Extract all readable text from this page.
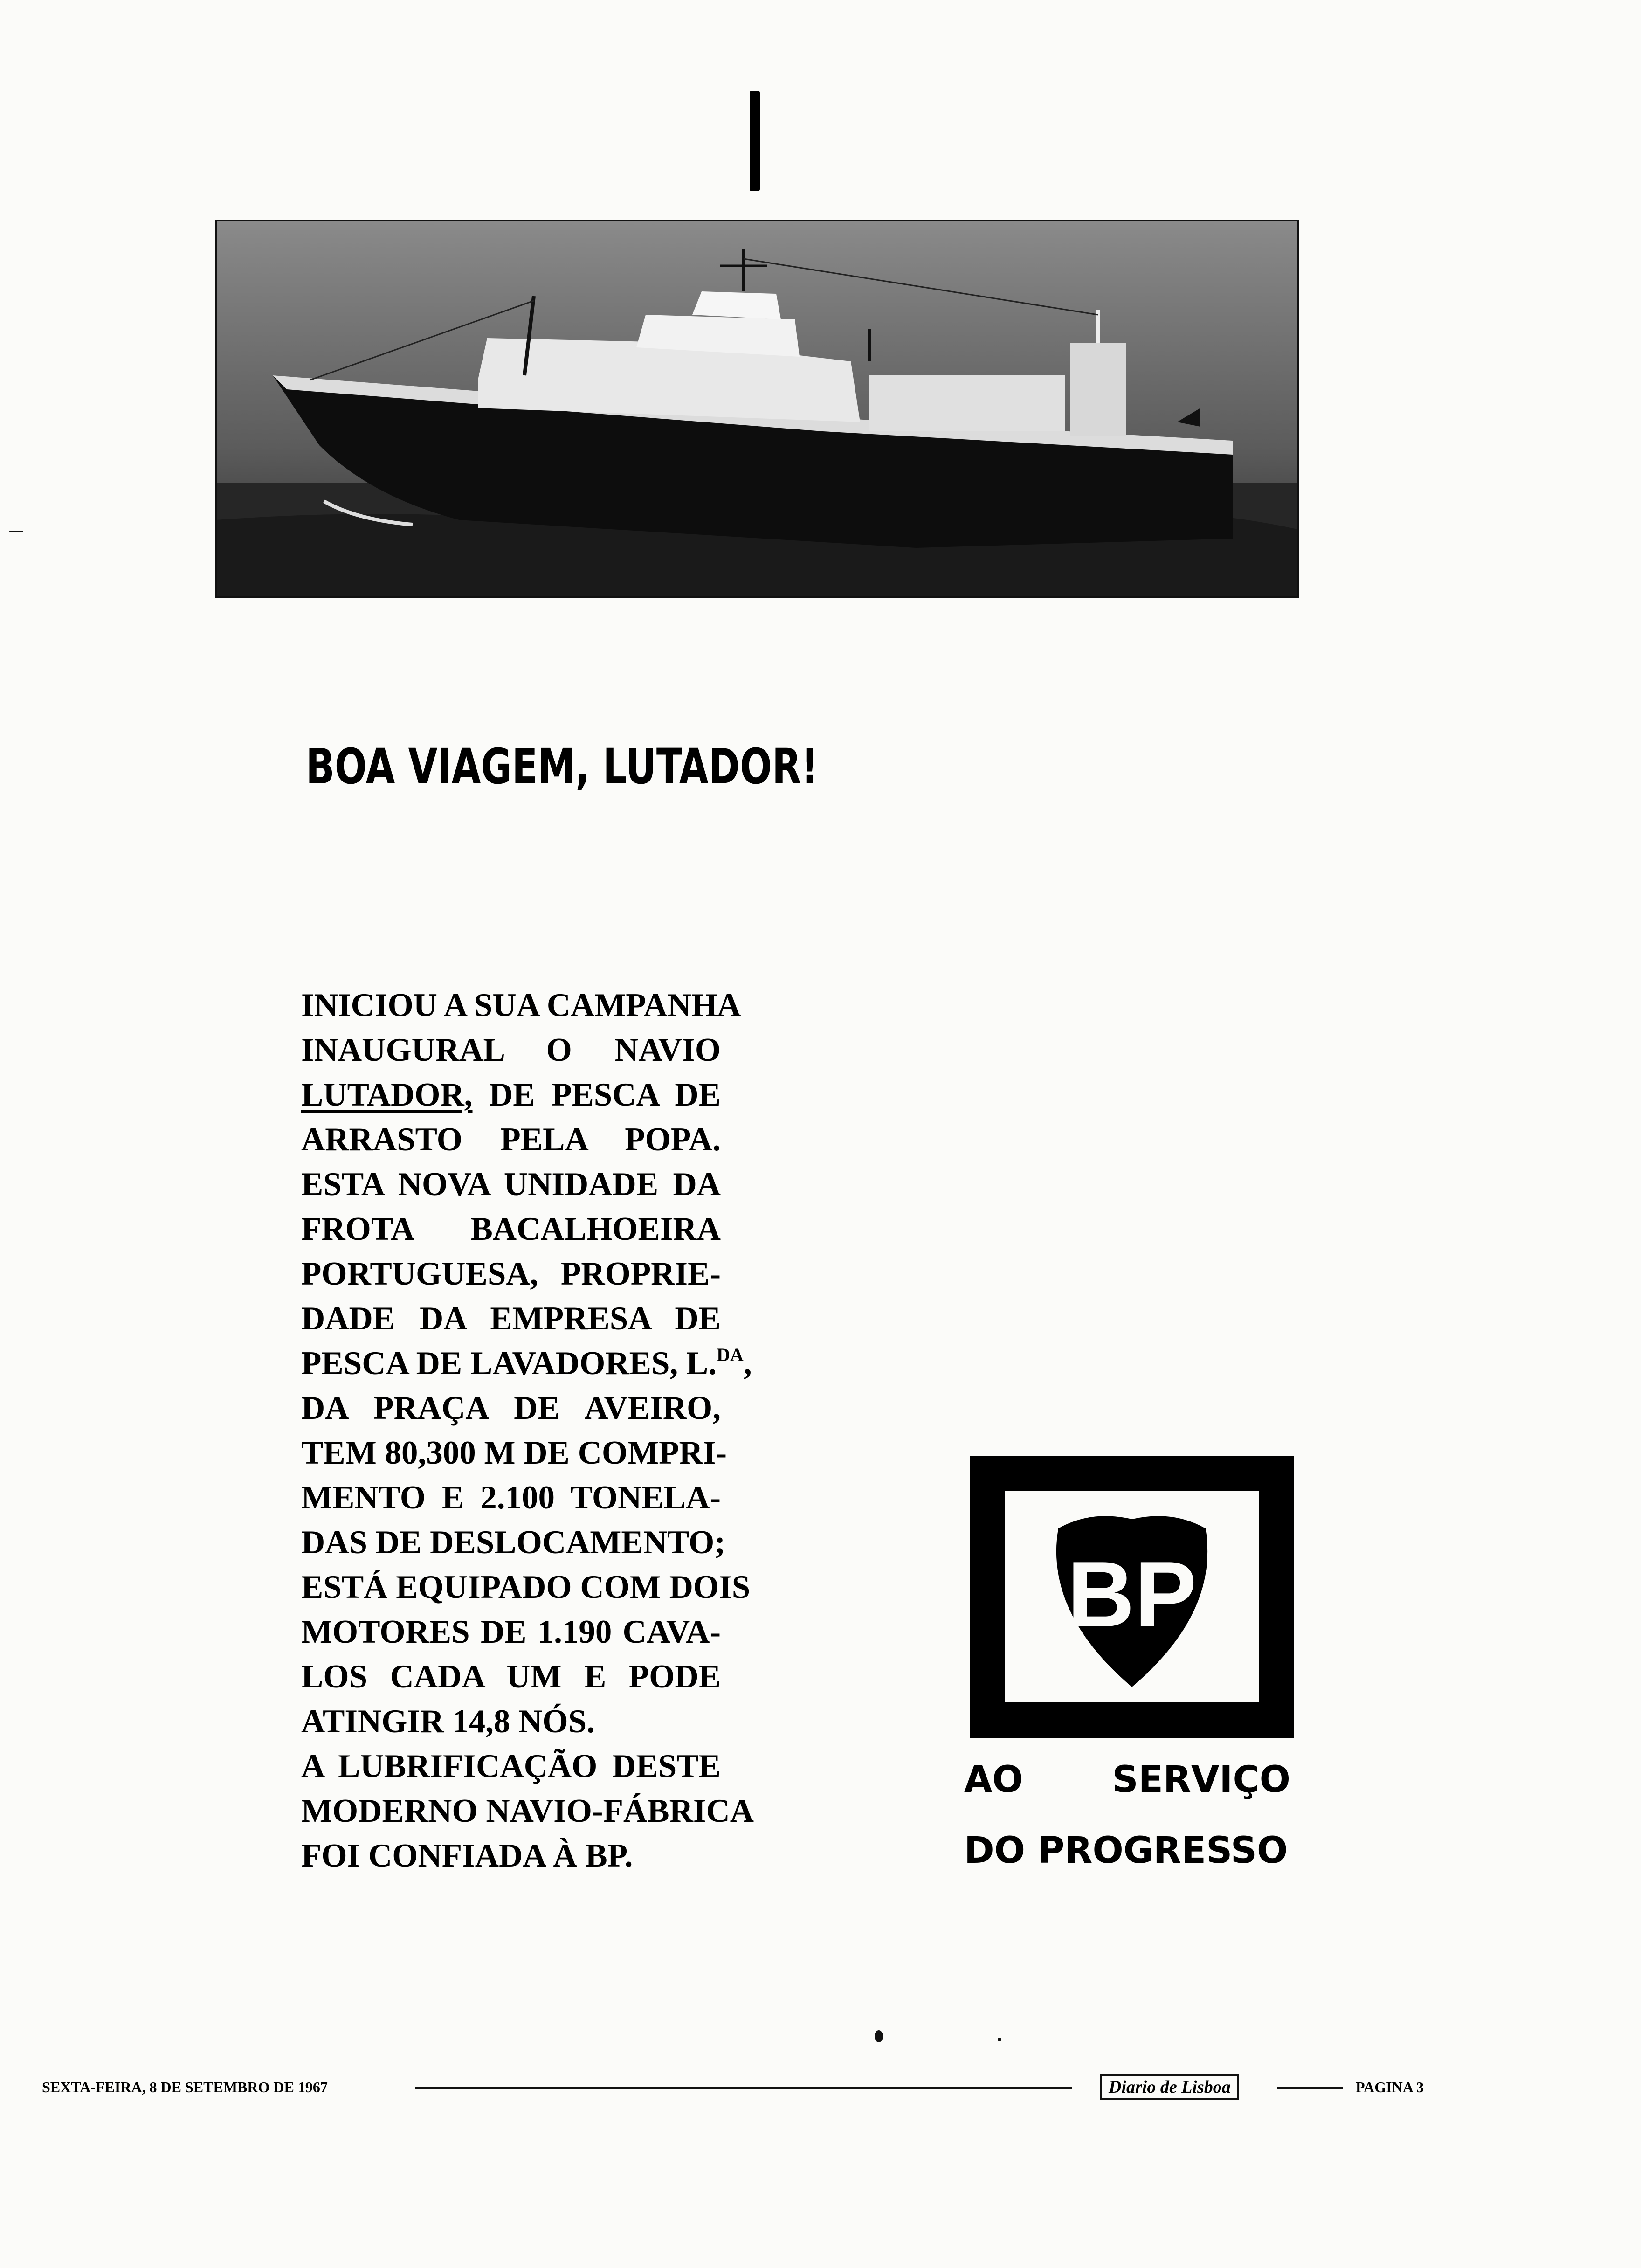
BOA VIAGEM, LUTADOR!
INICIOU A SUA CAMPANHA
INAUGURAL O NAVIO
LUTADOR, DE PESCA DE
ARRASTO PELA POPA.
ESTA NOVA UNIDADE DA
FROTA BACALHOEIRA
PORTUGUESA, PROPRIE-
DADE DA EMPRESA DE
PESCA DE LAVADORES, L.$^{DA}$,
DA PRAÇA DE AVEIRO,
TEM 80,300 M DE COMPRI-
MENTO E 2.100 TONELA-
DAS DE DESLOCAMENTO;
ESTÁ EQUIPADO COM DOIS
MOTORES DE 1.190 CAVA-
LOS CADA UM E PODE
ATINGIR 14,8 NÓS.
A LUBRIFICAÇÃO DESTE
MODERNO NAVIO-FÁBRICA
FOI CONFIADA À BP.
BP
AO SERVIÇO
DO PROGRESSO
SEXTA-FEIRA, 8 DE SETEMBRO DE 1967	Diario de Lisboa	PAGINA 3
